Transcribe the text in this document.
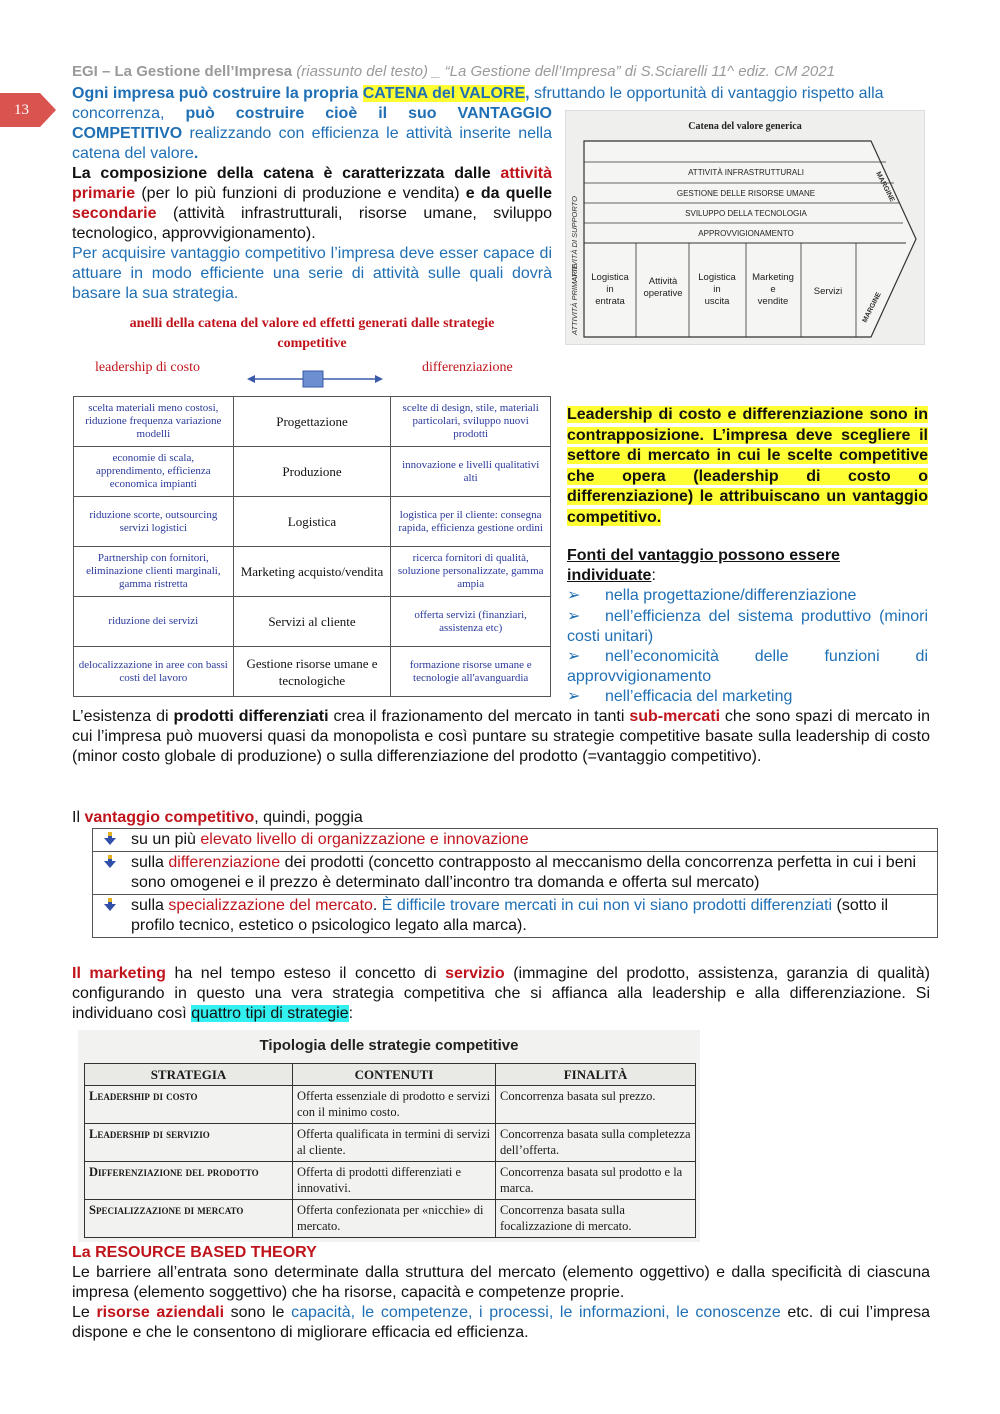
EGI – La Gestione dell’Impresa (riassunto del testo) _ “La Gestione dell’Impresa” di S.Sciarelli 11^ ediz. CM 2021
13
Ogni impresa può costruire la propria CATENA del VALORE, sfruttando le opportunità di vantaggio rispetto alla

concorrenza, può costruire cioè il suo VANTAGGIO COMPETITIVO realizzando con efficienza le attività inserite nella catena del valore.

La composizione della catena è caratterizzata dalle attività primarie (per lo più funzioni di produzione e vendita) e da quelle secondarie (attività infrastrutturali, risorse umane, sviluppo tecnologico, approvvigionamento).

Per acquisire vantaggio competitivo l’impresa deve esser capace di attuare in modo efficiente una serie di attività sulle quali dovrà basare la sua strategia.

Catena del valore generica
ATTIVITÀ INFRASTRUTTURALI
GESTIONE DELLE RISORSE UMANE
SVILUPPO DELLA TECNOLOGIA
APPROVVIGIONAMENTO
Logistica in entrata
Attività operative
Logistica in uscita
Marketing e vendite
Servizi
ATTIVITÀ DI SUPPORTO
ATTIVITÀ PRIMARIE
MARGINE
MARGINE
anelli della catena del valore ed effetti generati dalle strategie
competitive
leadership di costo	differenziazione
scelta materiali meno costosi, riduzione frequenza variazione modelli	Progettazione	scelte di design, stile, materiali particolari, sviluppo nuovi prodotti
economie di scala, apprendimento, efficienza economica impianti	Produzione	innovazione e livelli qualitativi alti
riduzione scorte, outsourcing servizi logistici	Logistica	logistica per il cliente: consegna rapida, efficienza gestione ordini
Partnership con fornitori, eliminazione clienti marginali, gamma ristretta	Marketing acquisto/vendita	ricerca fornitori di qualità, soluzione personalizzate, gamma ampia
riduzione dei servizi	Servizi al cliente	offerta servizi (finanziari, assistenza etc)
delocalizzazione in aree con bassi costi del lavoro	Gestione risorse umane e tecnologiche	formazione risorse umane e tecnologie all'avanguardia
Leadership di costo e differenziazione sono in contrapposizione. L’impresa deve scegliere il settore di mercato in cui le scelte competitive che opera (leadership di costo o differenziazione) le attribuiscano un vantaggio competitivo.
Fonti del vantaggio possono essere individuate:
➢ nella progettazione/differenziazione
➢ nell’efficienza del sistema produttivo (minori costi unitari)
➢ nell’economicità delle funzioni di approvvigionamento
➢ nell’efficacia del marketing
L’esistenza di prodotti differenziati crea il frazionamento del mercato in tanti sub-mercati che sono spazi di mercato in cui l’impresa può muoversi quasi da monopolista e così puntare su strategie competitive basate sulla leadership di costo (minor costo globale di produzione) o sulla differenziazione del prodotto (=vantaggio competitivo).
Il vantaggio competitivo, quindi, poggia
su un più elevato livello di organizzazione e innovazione

sulla differenziazione dei prodotti (concetto contrapposto al meccanismo della concorrenza perfetta in cui i beni sono omogenei e il prezzo è determinato dall’incontro tra domanda e offerta sul mercato)

sulla specializzazione del mercato. È difficile trovare mercati in cui non vi siano prodotti differenziati (sotto il profilo tecnico, estetico o psicologico legato alla marca).
Il marketing ha nel tempo esteso il concetto di servizio (immagine del prodotto, assistenza, garanzia di qualità) configurando in questo una vera strategia competitiva che si affianca alla leadership e alla differenziazione. Si individuano così quattro tipi di strategie:
Tipologia delle strategie competitive
STRATEGIA	CONTENUTI	FINALITÀ
Leadership di costo	Offerta essenziale di prodotto e servizi con il minimo costo.	Concorrenza basata sul prezzo.
Leadership di servizio	Offerta qualificata in termini di servizi al cliente.	Concorrenza basata sulla completezza dell’offerta.
Differenziazione del prodotto	Offerta di prodotti differenziati e innovativi.	Concorrenza basata sul prodotto e la marca.
Specializzazione di mercato	Offerta confezionata per «nicchie» di mercato.	Concorrenza basata sulla focalizzazione di mercato.
La RESOURCE BASED THEORY
Le barriere all’entrata sono determinate dalla struttura del mercato (elemento oggettivo) e dalla specificità di ciascuna impresa (elemento soggettivo) che ha risorse, capacità e competenze proprie.
Le risorse aziendali sono le capacità, le competenze, i processi, le informazioni, le conoscenze etc. di cui l’impresa dispone e che le consentono di migliorare efficacia ed efficienza.
